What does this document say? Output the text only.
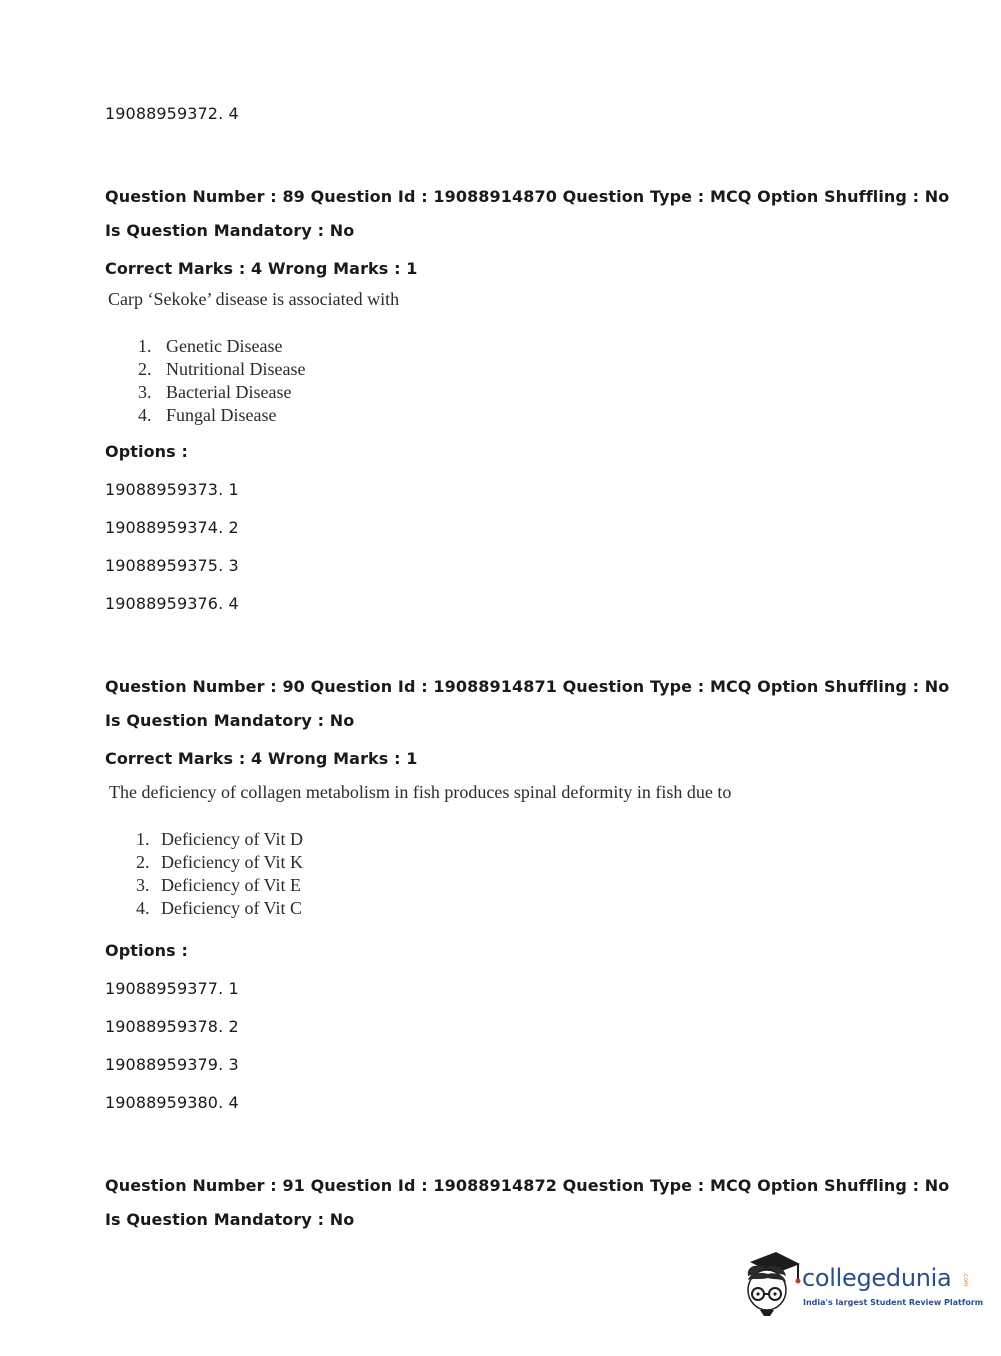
19088959372. 4
Question Number : 89 Question Id : 19088914870 Question Type : MCQ Option Shuffling : No
Is Question Mandatory : No
Correct Marks : 4 Wrong Marks : 1
Carp ‘Sekoke’ disease is associated with
1. Genetic Disease
2. Nutritional Disease
3. Bacterial Disease
4. Fungal Disease
Options :
19088959373. 1
19088959374. 2
19088959375. 3
19088959376. 4
Question Number : 90 Question Id : 19088914871 Question Type : MCQ Option Shuffling : No
Is Question Mandatory : No
Correct Marks : 4 Wrong Marks : 1
The deficiency of collagen metabolism in fish produces spinal deformity in fish due to
1. Deficiency of Vit D
2. Deficiency of Vit K
3. Deficiency of Vit E
4. Deficiency of Vit C
Options :
19088959377. 1
19088959378. 2
19088959379. 3
19088959380. 4
Question Number : 91 Question Id : 19088914872 Question Type : MCQ Option Shuffling : No
Is Question Mandatory : No
collegedunia .com
India's largest Student Review Platform
